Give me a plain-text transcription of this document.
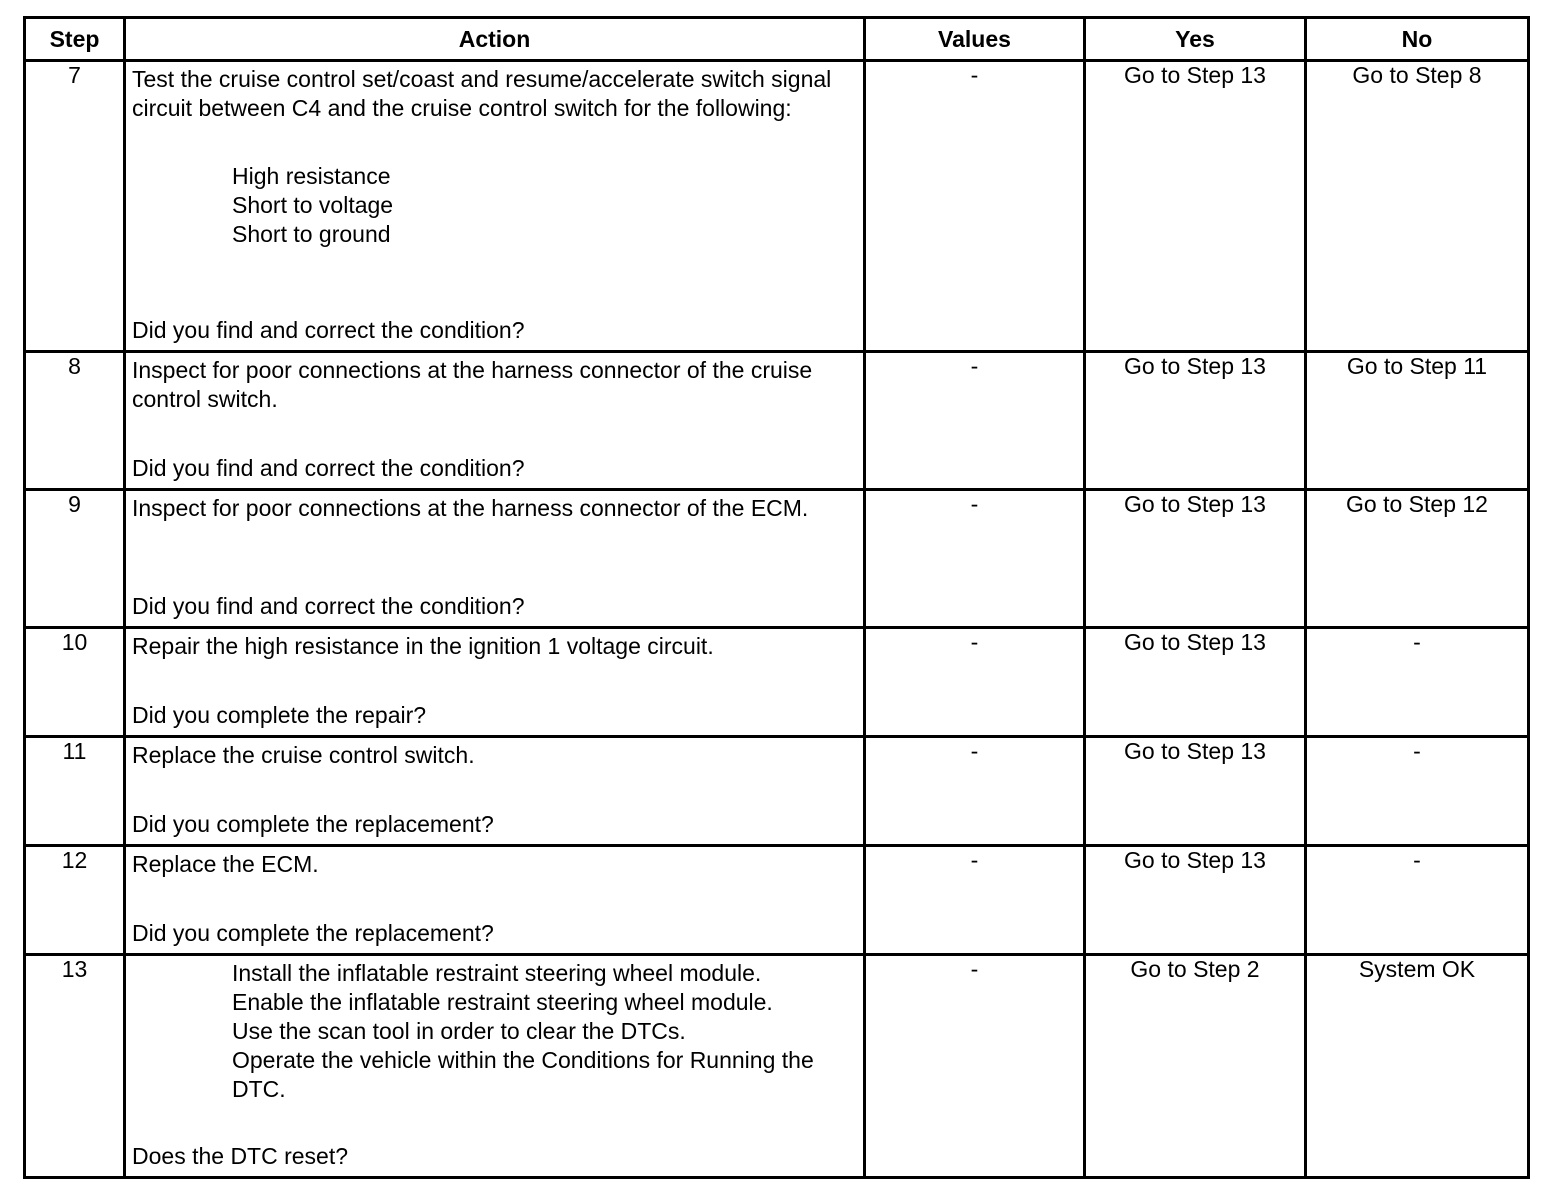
Step	Action	Values	Yes	No
7	Test the cruise control set/coast and resume/accelerate switch signal circuit between C4 and the cruise control switch for the following:
High resistance
Short to voltage
Short to ground
Did you find and correct the condition?	-	Go to Step 13	Go to Step 8
8	Inspect for poor connections at the harness connector of the cruise control switch.
Did you find and correct the condition?	-	Go to Step 13	Go to Step 11
9	Inspect for poor connections at the harness connector of the ECM.
Did you find and correct the condition?	-	Go to Step 13	Go to Step 12
10	Repair the high resistance in the ignition 1 voltage circuit.
Did you complete the repair?	-	Go to Step 13	-
11	Replace the cruise control switch.
Did you complete the replacement?	-	Go to Step 13	-
12	Replace the ECM.
Did you complete the replacement?	-	Go to Step 13	-
13	Install the inflatable restraint steering wheel module.
Enable the inflatable restraint steering wheel module.
Use the scan tool in order to clear the DTCs.
Operate the vehicle within the Conditions for Running the DTC.
Does the DTC reset?	-	Go to Step 2	System OK
